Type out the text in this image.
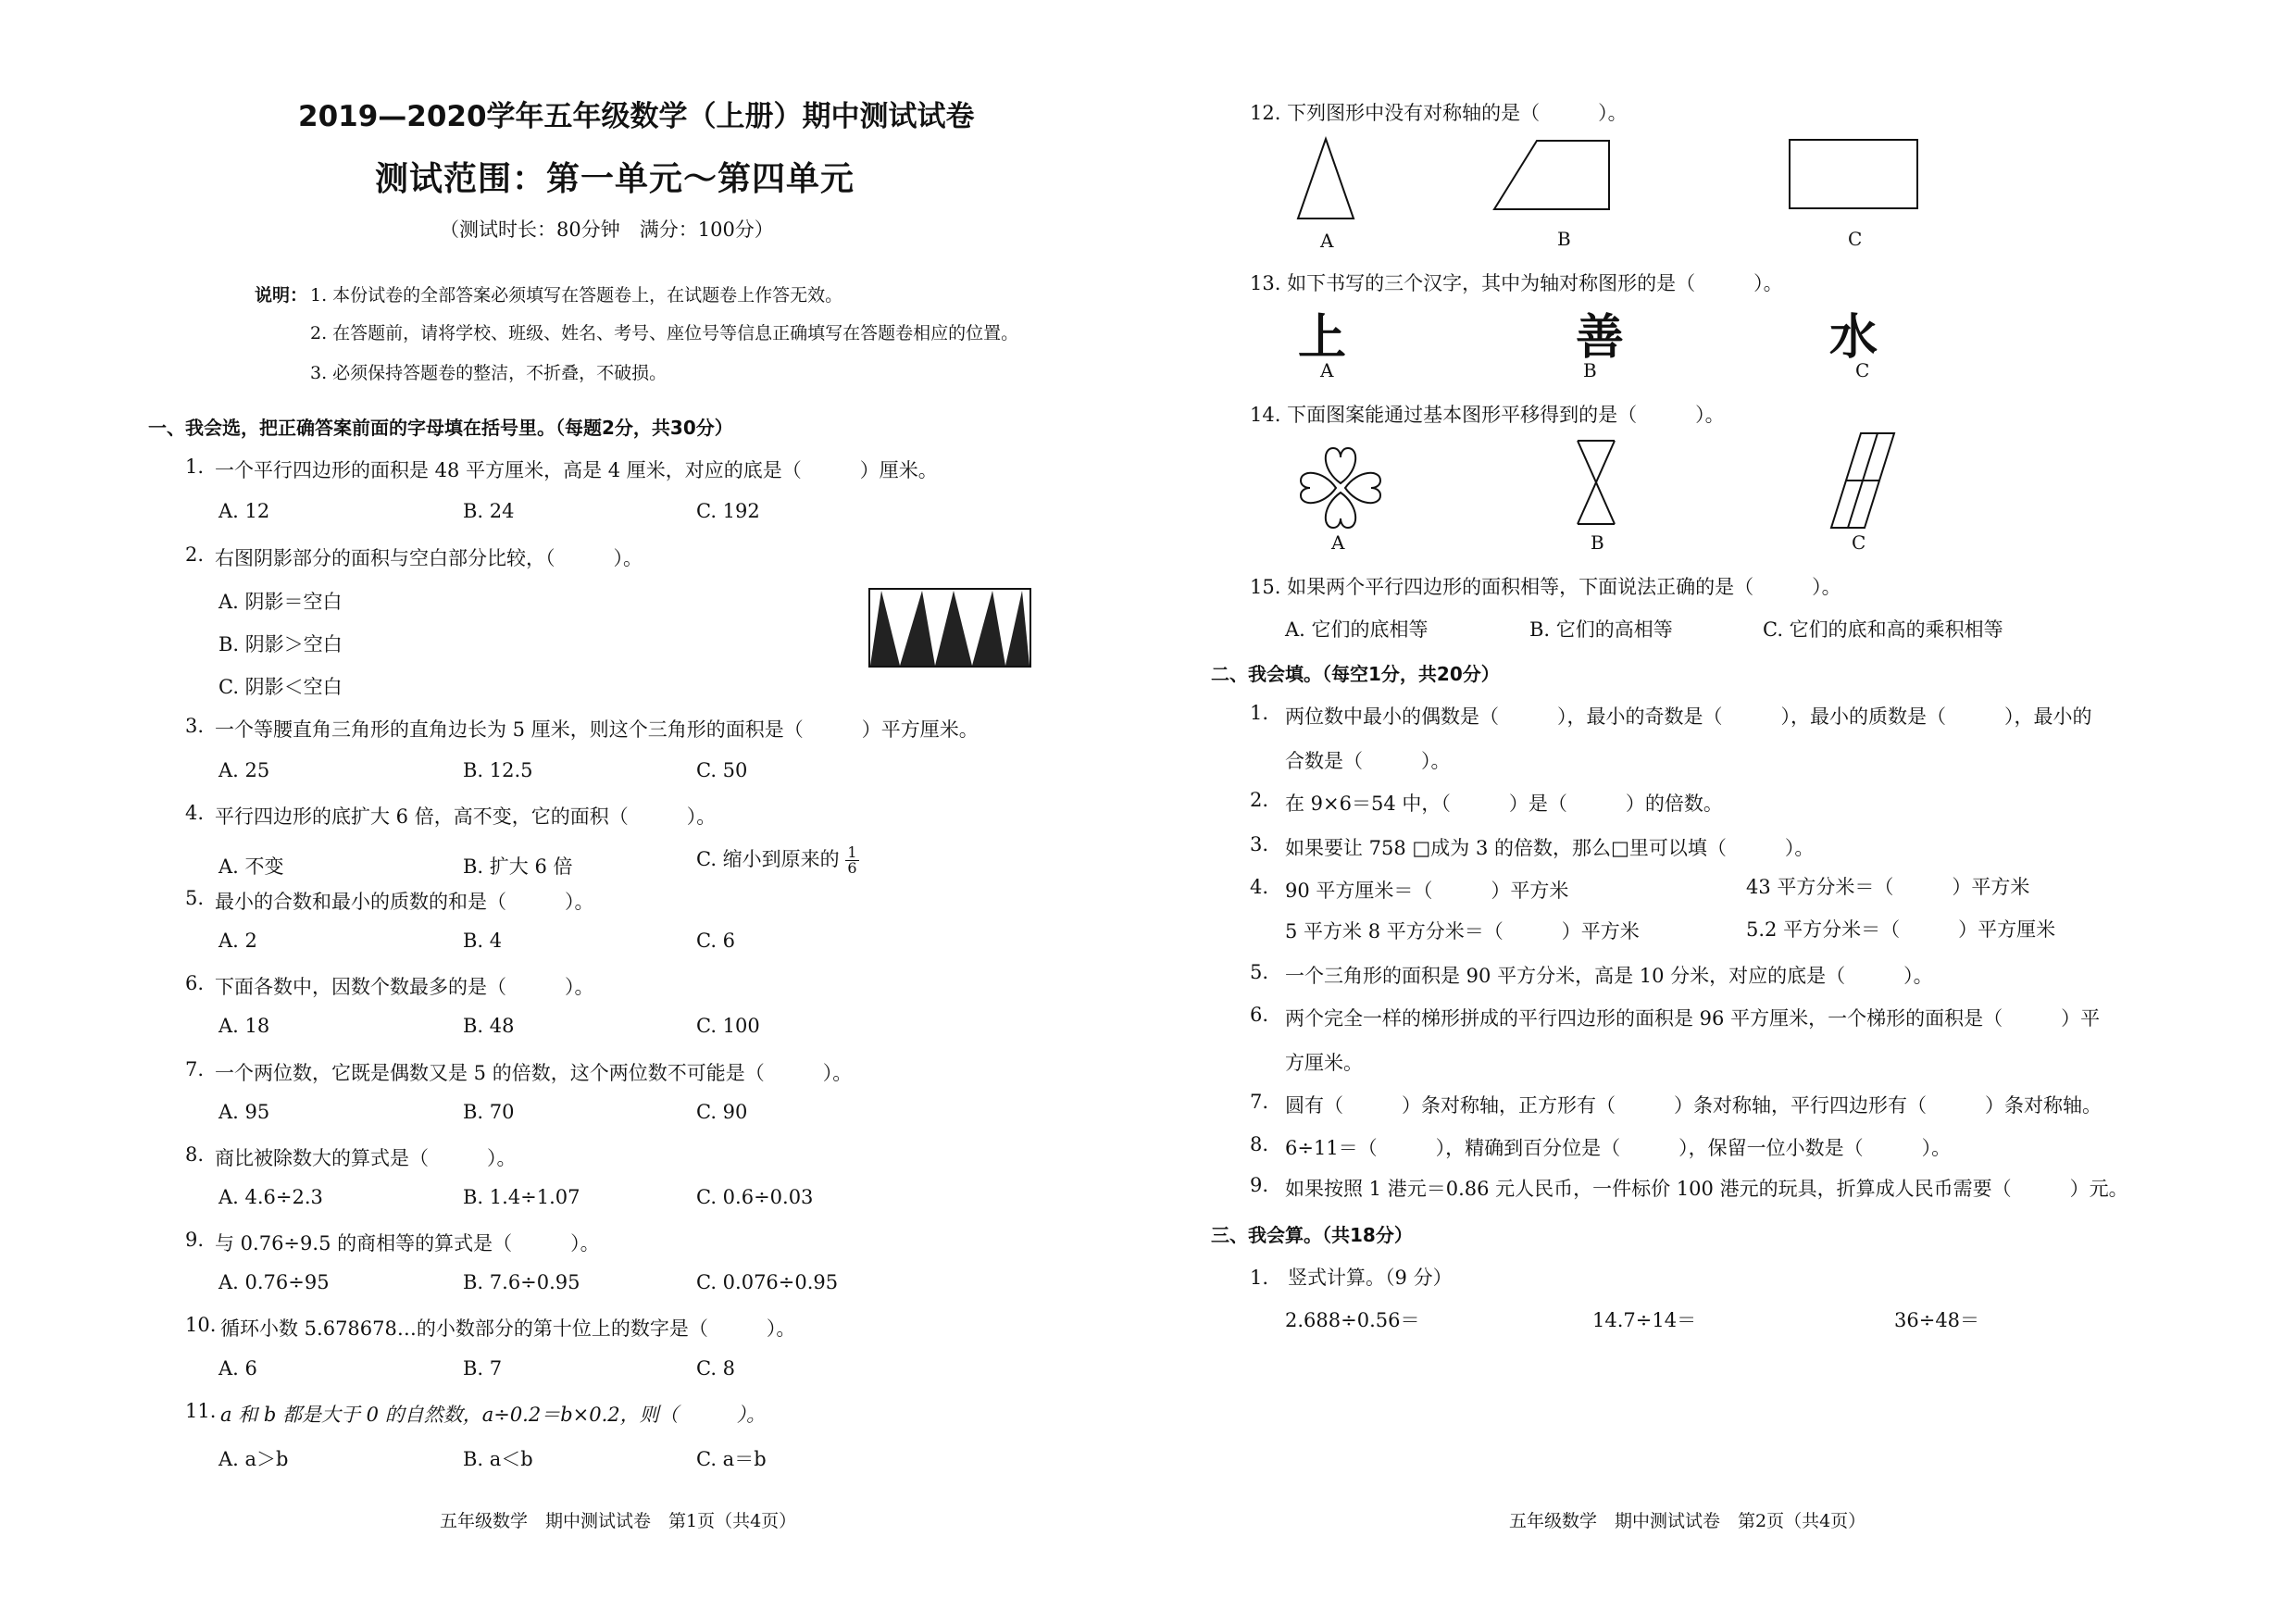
2019—2020学年五年级数学（上册）期中测试试卷
测试范围：第一单元～第四单元
（测试时长：80分钟　满分：100分）
说明： 1. 本份试卷的全部答案必须填写在答题卷上，在试题卷上作答无效。
2. 在答题前，请将学校、班级、姓名、考号、座位号等信息正确填写在答题卷相应的位置。
3. 必须保持答题卷的整洁，不折叠，不破损。
一、我会选，把正确答案前面的字母填在括号里。（每题2分，共30分）
1. 一个平行四边形的面积是 48 平方厘米，高是 4 厘米，对应的底是（　　　）厘米。
A. 12	B. 24	C. 192
2. 右图阴影部分的面积与空白部分比较，（　　　）。
A. 阴影＝空白
B. 阴影＞空白
C. 阴影＜空白
3. 一个等腰直角三角形的直角边长为 5 厘米，则这个三角形的面积是（　　　）平方厘米。
A. 25	B. 12.5	C. 50
4. 平行四边形的底扩大 6 倍，高不变，它的面积（　　　）。
A. 不变	B. 扩大 6 倍	C. 缩小到原来的 $\frac{1}{6}$
5. 最小的合数和最小的质数的和是（　　　）。
A. 2	B. 4	C. 6
6. 下面各数中，因数个数最多的是（　　　）。
A. 18	B. 48	C. 100
7. 一个两位数，它既是偶数又是 5 的倍数，这个两位数不可能是（　　　）。
A. 95	B. 70	C. 90
8. 商比被除数大的算式是（　　　）。
A. 4.6÷2.3	B. 1.4÷1.07	C. 0.6÷0.03
9. 与 0.76÷9.5 的商相等的算式是（　　　）。
A. 0.76÷95	B. 7.6÷0.95	C. 0.076÷0.95
10. 循环小数 5.678678…的小数部分的第十位上的数字是（　　　）。
A. 6	B. 7	C. 8
11. a 和 b 都是大于 0 的自然数，a÷0.2＝b×0.2，则（　　　）。
A. a＞b	B. a＜b	C. a＝b
五年级数学　期中测试试卷　第1页（共4页）
12. 下列图形中没有对称轴的是（　　　）。
A	B	C
13. 如下书写的三个汉字，其中为轴对称图形的是（　　　）。
上	善	水
A	B	C
14. 下面图案能通过基本图形平移得到的是（　　　）。
A	B	C
15. 如果两个平行四边形的面积相等，下面说法正确的是（　　　）。
A. 它们的底相等	B. 它们的高相等	C. 它们的底和高的乘积相等
二、我会填。（每空1分，共20分）
1. 两位数中最小的偶数是（　　　），最小的奇数是（　　　），最小的质数是（　　　），最小的
合数是（　　　）。
2. 在 9×6＝54 中，（　　　）是（　　　）的倍数。
3. 如果要让 758 □成为 3 的倍数，那么□里可以填（　　　）。
4. 90 平方厘米＝（　　　）平方米	43 平方分米＝（　　　）平方米
5 平方米 8 平方分米＝（　　　）平方米	5.2 平方分米＝（　　　）平方厘米
5. 一个三角形的面积是 90 平方分米，高是 10 分米，对应的底是（　　　）。
6. 两个完全一样的梯形拼成的平行四边形的面积是 96 平方厘米，一个梯形的面积是（　　　）平
方厘米。
7. 圆有（　　　）条对称轴，正方形有（　　　）条对称轴，平行四边形有（　　　）条对称轴。
8. 6÷11＝（　　　），精确到百分位是（　　　），保留一位小数是（　　　）。
9. 如果按照 1 港元＝0.86 元人民币，一件标价 100 港元的玩具，折算成人民币需要（　　　）元。
三、我会算。（共18分）
1.　竖式计算。（9 分）
2.688÷0.56＝	14.7÷14＝	36÷48＝
五年级数学　期中测试试卷　第2页（共4页）
